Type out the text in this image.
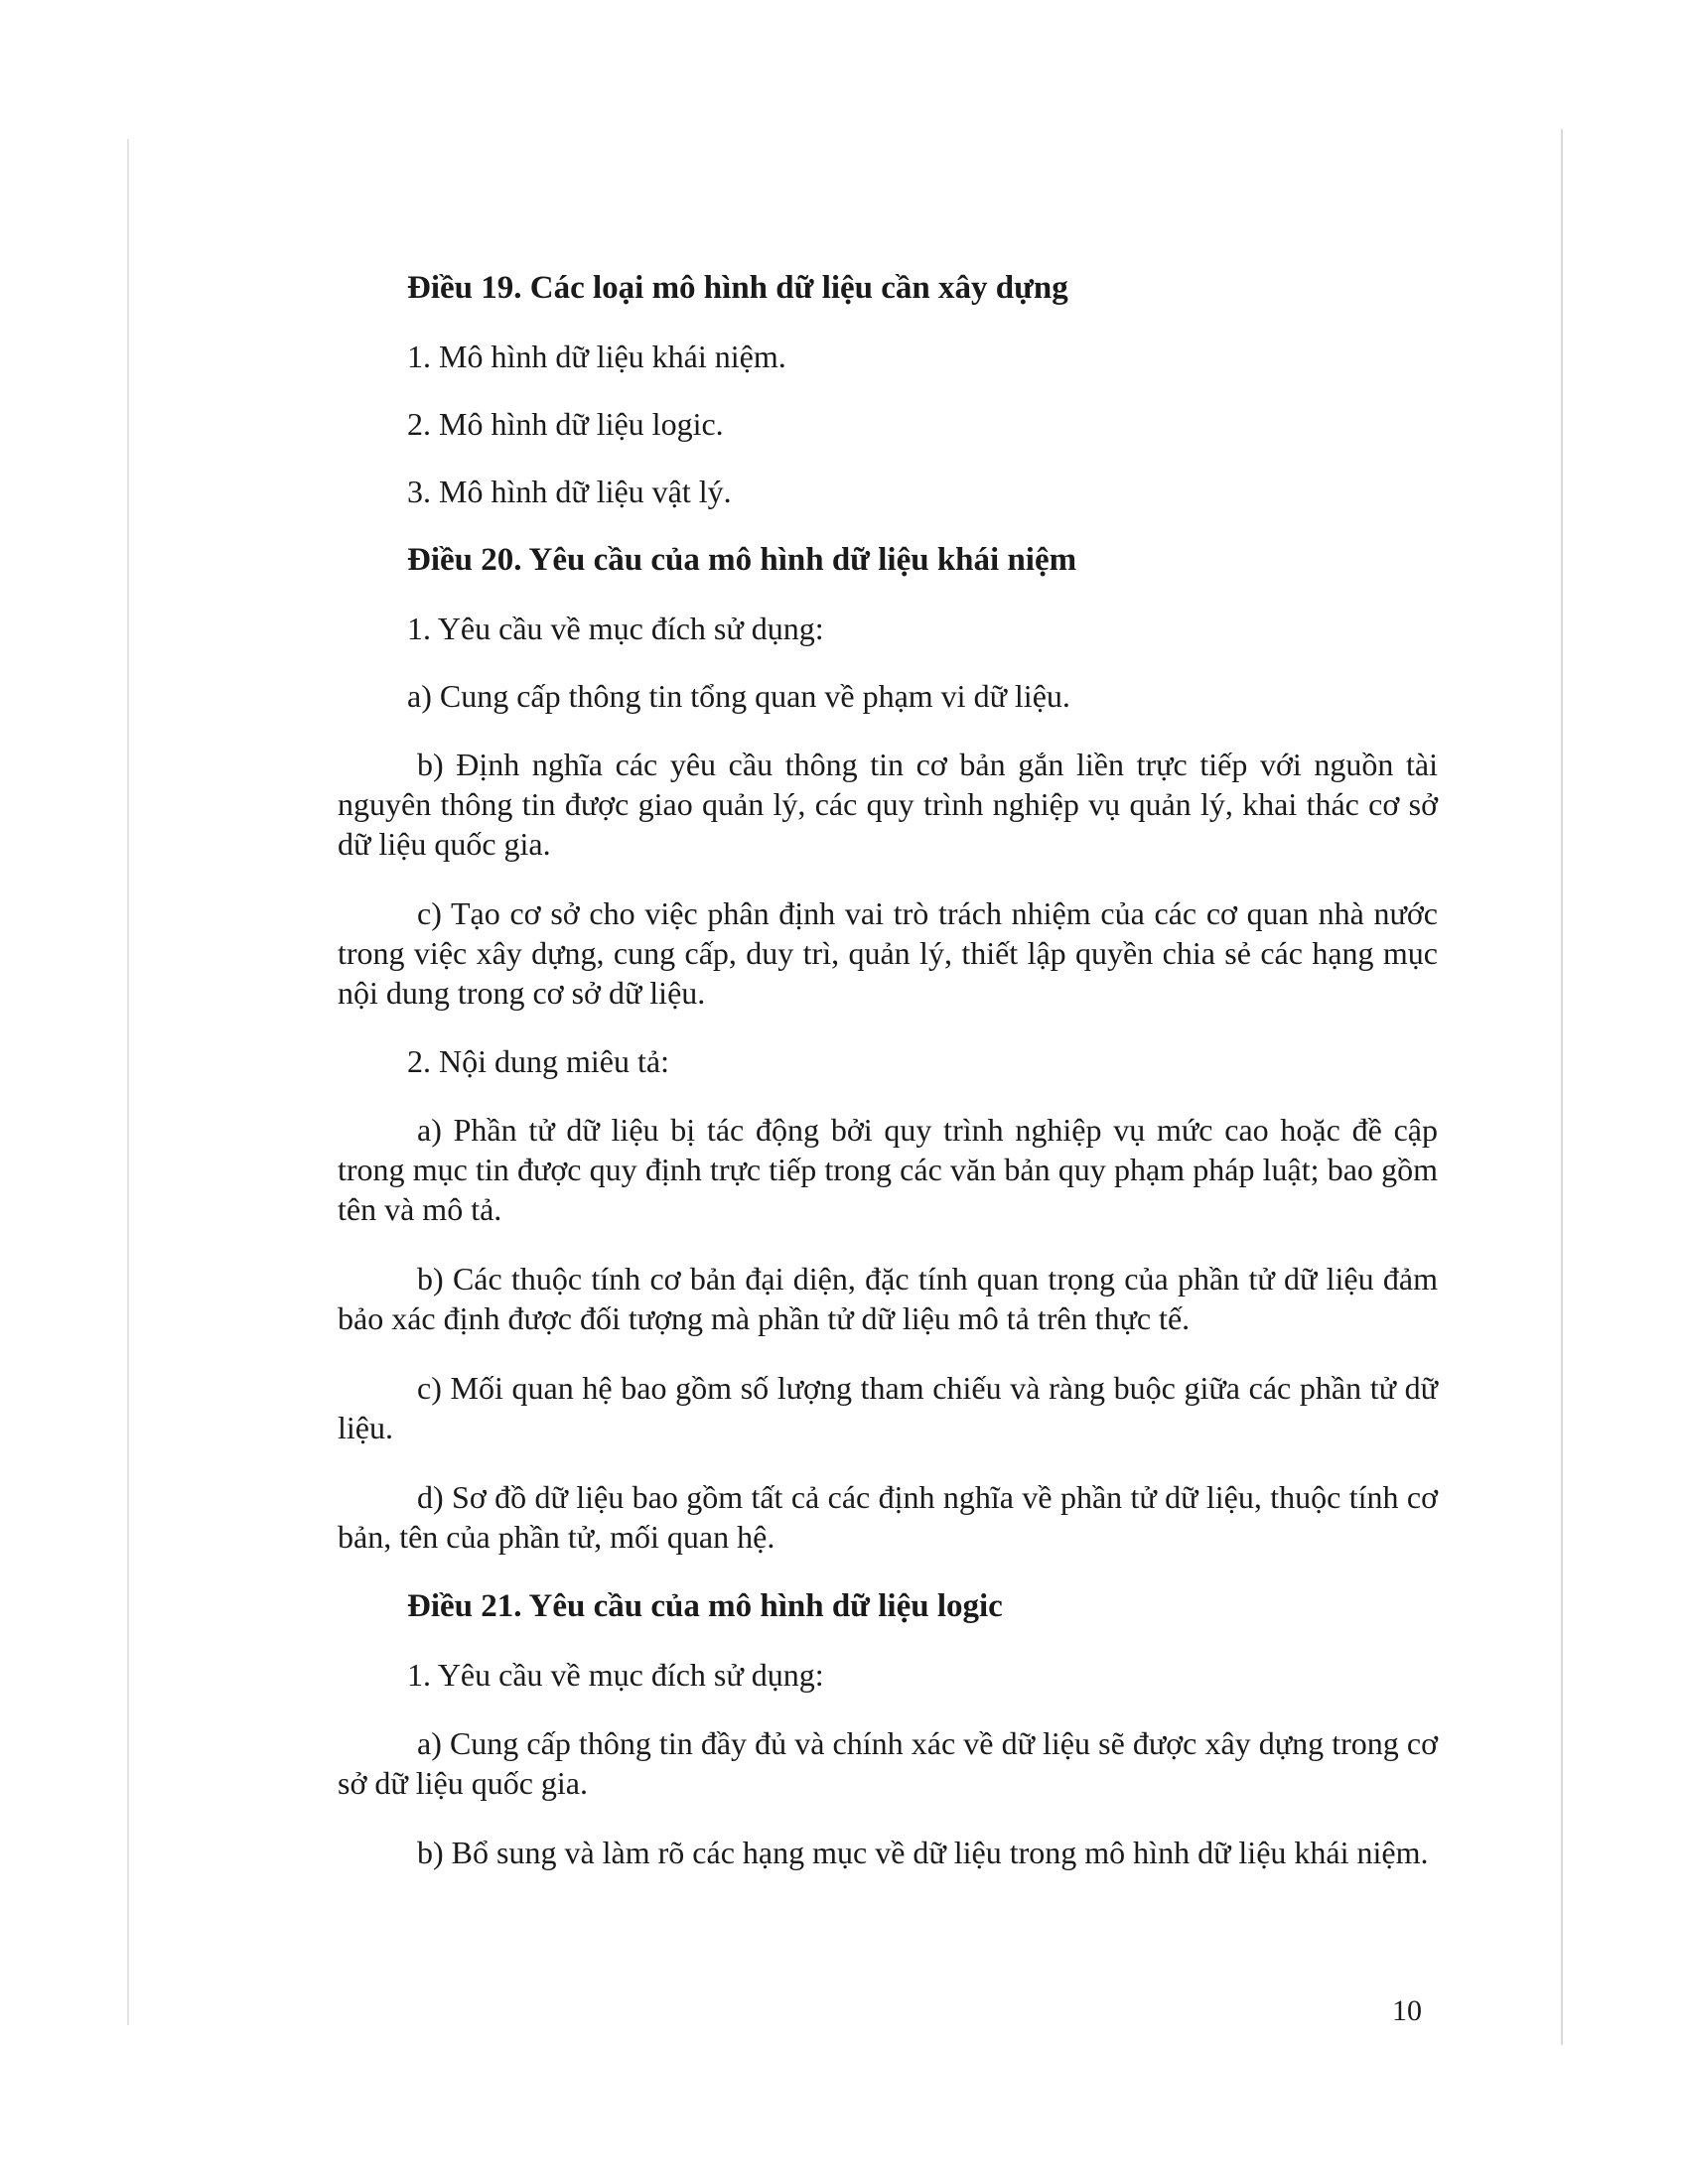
Điều 19. Các loại mô hình dữ liệu cần xây dựng
1. Mô hình dữ liệu khái niệm.
2. Mô hình dữ liệu logic.
3. Mô hình dữ liệu vật lý.
Điều 20. Yêu cầu của mô hình dữ liệu khái niệm
1. Yêu cầu về mục đích sử dụng:
a) Cung cấp thông tin tổng quan về phạm vi dữ liệu.
b) Định nghĩa các yêu cầu thông tin cơ bản gắn liền trực tiếp với nguồn tài nguyên thông tin được giao quản lý, các quy trình nghiệp vụ quản lý, khai thác cơ sở dữ liệu quốc gia.
c) Tạo cơ sở cho việc phân định vai trò trách nhiệm của các cơ quan nhà nước trong việc xây dựng, cung cấp, duy trì, quản lý, thiết lập quyền chia sẻ các hạng mục nội dung trong cơ sở dữ liệu.
2. Nội dung miêu tả:
a) Phần tử dữ liệu bị tác động bởi quy trình nghiệp vụ mức cao hoặc đề cập trong mục tin được quy định trực tiếp trong các văn bản quy phạm pháp luật; bao gồm tên và mô tả.
b) Các thuộc tính cơ bản đại diện, đặc tính quan trọng của phần tử dữ liệu đảm bảo xác định được đối tượng mà phần tử dữ liệu mô tả trên thực tế.
c) Mối quan hệ bao gồm số lượng tham chiếu và ràng buộc giữa các phần tử dữ liệu.
d) Sơ đồ dữ liệu bao gồm tất cả các định nghĩa về phần tử dữ liệu, thuộc tính cơ bản, tên của phần tử, mối quan hệ.
Điều 21. Yêu cầu của mô hình dữ liệu logic
1. Yêu cầu về mục đích sử dụng:
a) Cung cấp thông tin đầy đủ và chính xác về dữ liệu sẽ được xây dựng trong cơ sở dữ liệu quốc gia.
b) Bổ sung và làm rõ các hạng mục về dữ liệu trong mô hình dữ liệu khái niệm.
10
